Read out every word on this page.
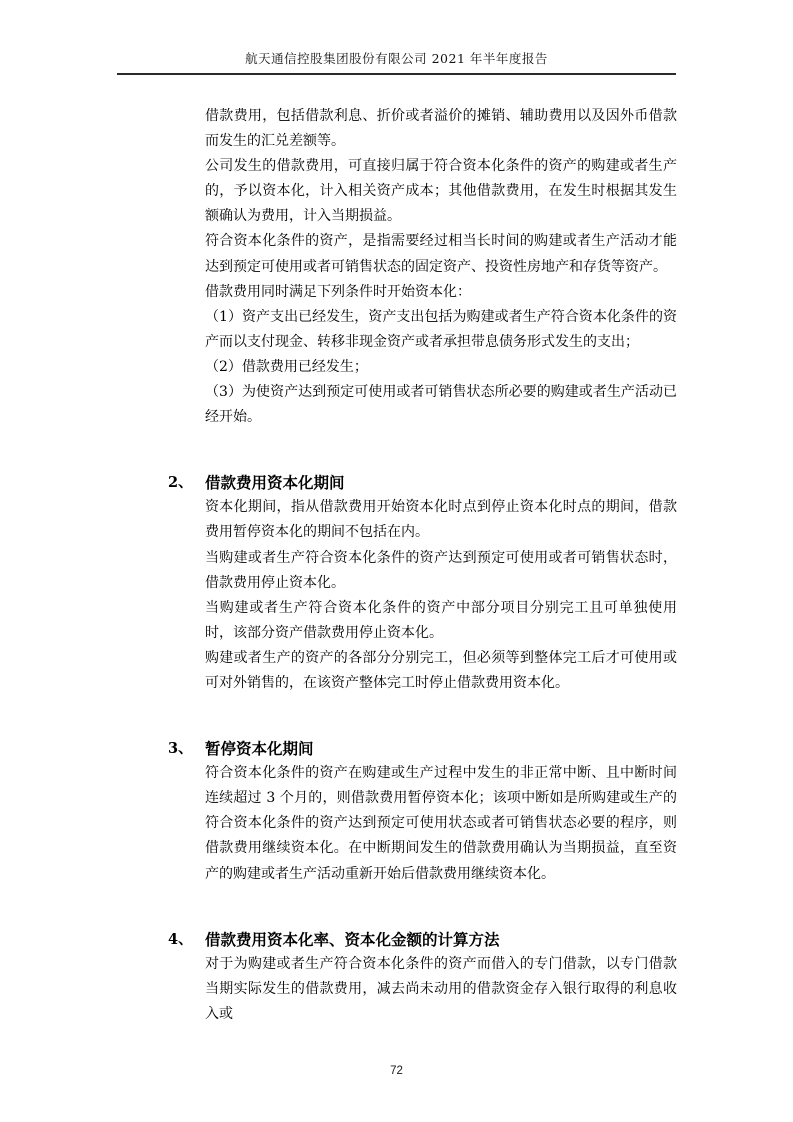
航天通信控股集团股份有限公司 2021 年半年度报告

借款费用，包括借款利息、折价或者溢价的摊销、辅助费用以及因外币借款而发生的汇兑差额等。

公司发生的借款费用，可直接归属于符合资本化条件的资产的购建或者生产的，予以资本化，计入相关资产成本；其他借款费用，在发生时根据其发生额确认为费用，计入当期损益。

符合资本化条件的资产，是指需要经过相当长时间的购建或者生产活动才能达到预定可使用或者可销售状态的固定资产、投资性房地产和存货等资产。

借款费用同时满足下列条件时开始资本化：

（1）资产支出已经发生，资产支出包括为购建或者生产符合资本化条件的资产而以支付现金、转移非现金资产或者承担带息债务形式发生的支出；

（2）借款费用已经发生；

（3）为使资产达到预定可使用或者可销售状态所必要的购建或者生产活动已经开始。

2、 借款费用资本化期间

资本化期间，指从借款费用开始资本化时点到停止资本化时点的期间，借款费用暂停资本化的期间不包括在内。

当购建或者生产符合资本化条件的资产达到预定可使用或者可销售状态时，借款费用停止资本化。

当购建或者生产符合资本化条件的资产中部分项目分别完工且可单独使用时，该部分资产借款费用停止资本化。

购建或者生产的资产的各部分分别完工，但必须等到整体完工后才可使用或可对外销售的，在该资产整体完工时停止借款费用资本化。

3、 暂停资本化期间

符合资本化条件的资产在购建或生产过程中发生的非正常中断、且中断时间连续超过 3 个月的，则借款费用暂停资本化；该项中断如是所购建或生产的符合资本化条件的资产达到预定可使用状态或者可销售状态必要的程序，则借款费用继续资本化。在中断期间发生的借款费用确认为当期损益，直至资产的购建或者生产活动重新开始后借款费用继续资本化。

4、 借款费用资本化率、资本化金额的计算方法

对于为购建或者生产符合资本化条件的资产而借入的专门借款，以专门借款当期实际发生的借款费用，减去尚未动用的借款资金存入银行取得的利息收入或

72
